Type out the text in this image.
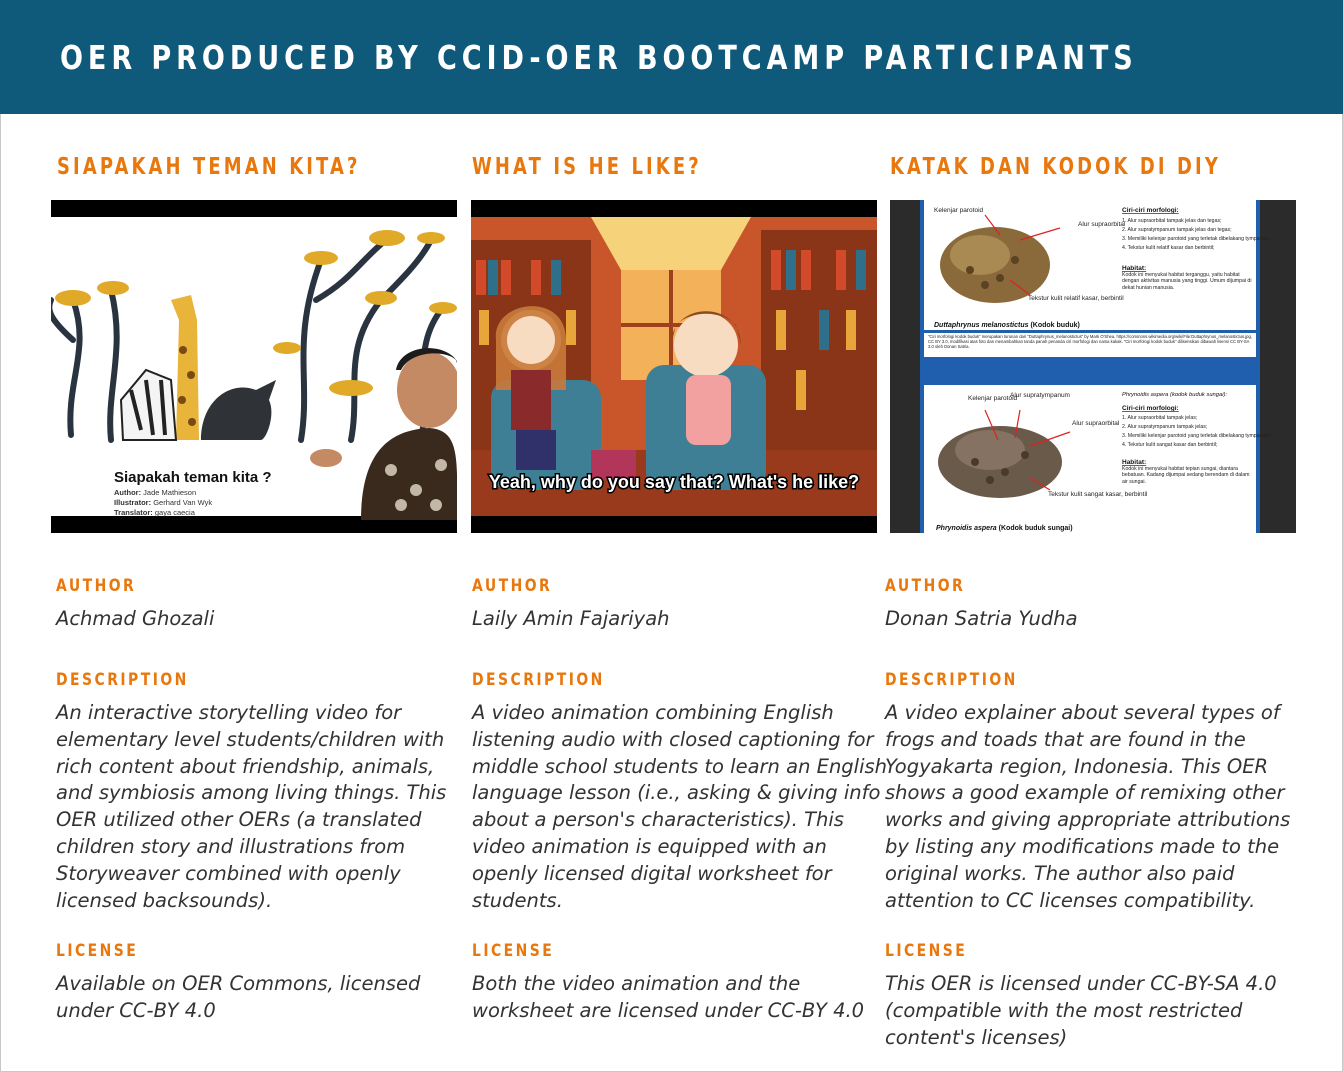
OER PRODUCED BY CCID-OER BOOTCAMP PARTICIPANTS
SIAPAKAH TEMAN KITA?
Siapakah teman kita ?
Author: Jade Mathieson
Illustrator: Gerhard Van Wyk
Translator: gaya caecia
AUTHOR
Achmad Ghozali
DESCRIPTION
An interactive storytelling video for
elementary level students/children with
rich content about friendship, animals,
and symbiosis among living things. This
OER utilized other OERs (a translated
children story and illustrations from
Storyweaver combined with openly
licensed backsounds).
LICENSE
Available on OER Commons, licensed
under CC-BY 4.0
WHAT IS HE LIKE?
Yeah, why do you say that? What's he like?
AUTHOR
Laily Amin Fajariyah
DESCRIPTION
A video animation combining English
listening audio with closed captioning for
middle school students to learn an English
language lesson (i.e., asking & giving info
about a person's characteristics). This
video animation is equipped with an
openly licensed digital worksheet for
students.
LICENSE
Both the video animation and the
worksheet are licensed under CC-BY 4.0
KATAK DAN KODOK DI DIY
Kelenjar parotoid
Alur supraorbital
Tekstur kulit relatif kasar, berbintil
Duttaphrynus melanostictus (Kodok buduk)
Ciri-ciri morfologi:
1. Alur supraorbital tampak jelas dan tegas;
2. Alur supratympanum tampak jelas dan tegas;
3. Memiliki kelenjar parotoid yang terletak dibelakang tympanum;
4. Tekstur kulit relatif kasar dan berbintil;
Habitat:
Kodok ini menyukai habitat terganggu, yaitu habitat dengan aktivitas manusia yang tinggi. Umum dijumpai di dekat hunian manusia.
"Ciri morfologi kodok buduk" merupakan turunan dari "Duttaphrynus_melanostictus" by Mark O'Shea, https://commons.wikimedia.org/wiki/File:Duttaphrynus_melanostictus.jpg, CC BY 3.0, modifikasi atas foto dan menambahkan tanda panah penanda ciri morfologi dan nama kakak. "Ciri morfologi kodok buduk" dilisensikan dibawah lisensi CC BY-SA 3.0 oleh Donan Satria.
Kelenjar parotoid
Alur supratympanum
Alur supraorbital
Tekstur kulit sangat kasar, berbintil
Phrynoidis aspera (Kodok buduk sungai)
Phrynoidis aspera (kodok buduk sungai):
Ciri-ciri morfologi:
1. Alur supraorbital tampak jelas;
2. Alur supratympanum tampak jelas;
3. Memiliki kelenjar parotoid yang terletak dibelakang tympanum;
4. Tekstur kulit sangat kasar dan berbintil;
Habitat:
Kodok ini menyukai habitat tepian sungai, diantara bebatuan. Kadang dijumpai sedang berendam di dalam air sungai.
AUTHOR
Donan Satria Yudha
DESCRIPTION
A video explainer about several types of
frogs and toads that are found in the
Yogyakarta region, Indonesia. This OER
shows a good example of remixing other
works and giving appropriate attributions
by listing any modifications made to the
original works. The author also paid
attention to CC licenses compatibility.
LICENSE
This OER is licensed under CC-BY-SA 4.0
(compatible with the most restricted
content's licenses)
